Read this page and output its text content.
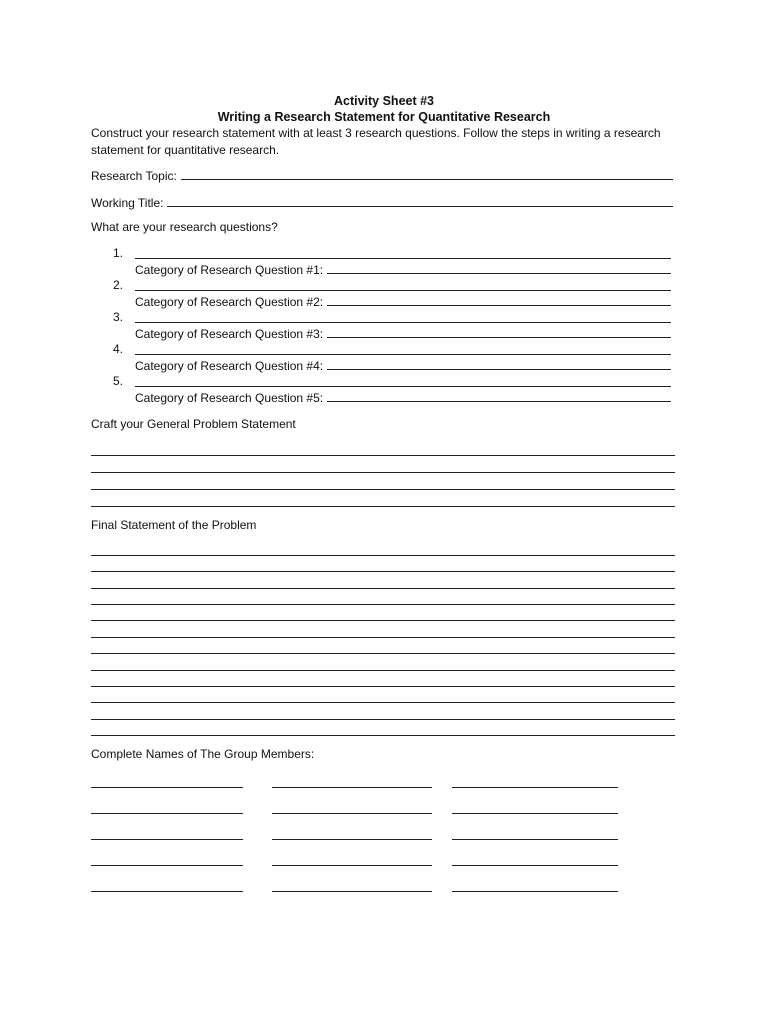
Activity Sheet #3
Writing a Research Statement for Quantitative Research
Construct your research statement with at least 3 research questions. Follow the steps in writing a research statement for quantitative research.
Research Topic:
Working Title:
What are your research questions?
1.
Category of Research Question #1:
2.
Category of Research Question #2:
3.
Category of Research Question #3:
4.
Category of Research Question #4:
5.
Category of Research Question #5:
Craft your General Problem Statement
Final Statement of the Problem
Complete Names of The Group Members:
